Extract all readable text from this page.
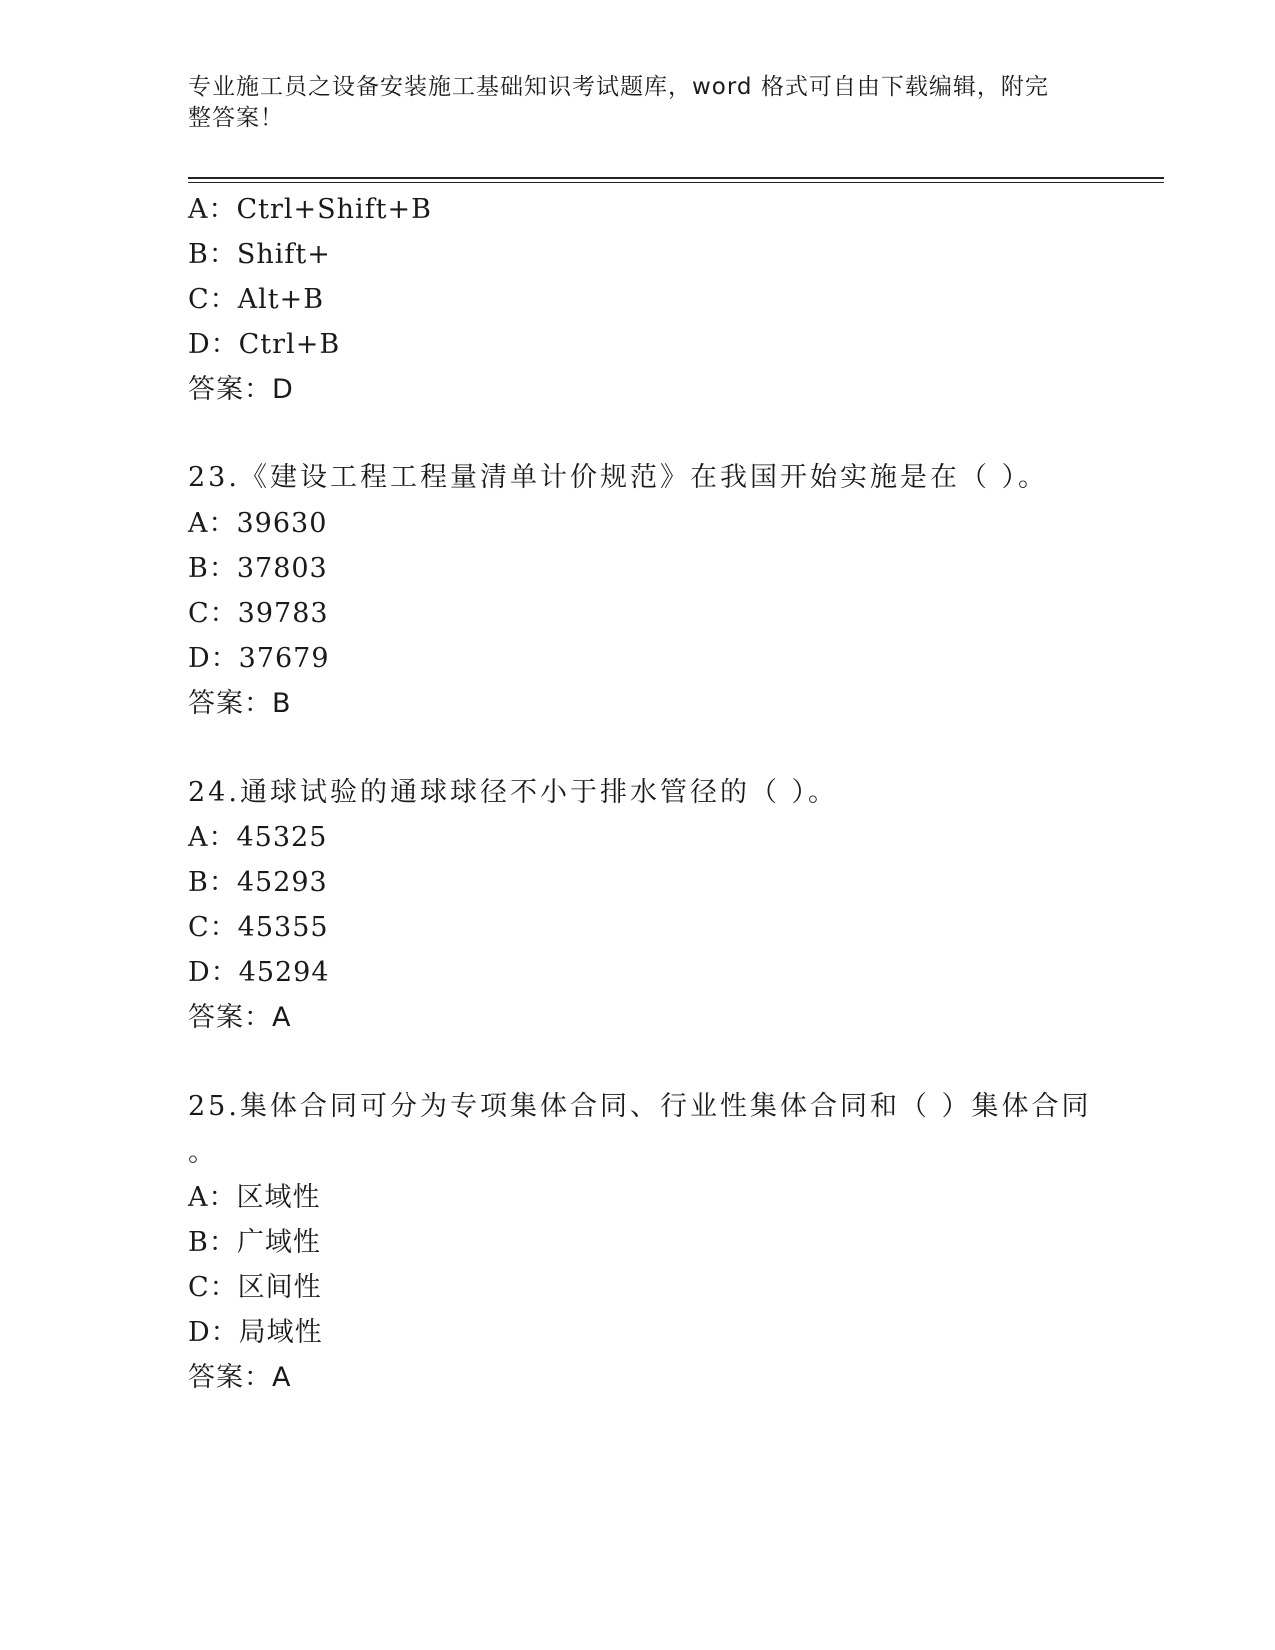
专业施工员之设备安装施工基础知识考试题库，word 格式可自由下载编辑，附完整答案！
A：Ctrl+Shift+B
B：Shift+
C：Alt+B
D：Ctrl+B
答案：D
23.《建设工程工程量清单计价规范》在我国开始实施是在（ ）。
A：39630
B：37803
C：39783
D：37679
答案：B
24.通球试验的通球球径不小于排水管径的（ ）。
A：45325
B：45293
C：45355
D：45294
答案：A
25.集体合同可分为专项集体合同、行业性集体合同和（ ）集体合同
。
A：区域性
B：广域性
C：区间性
D：局域性
答案：A
